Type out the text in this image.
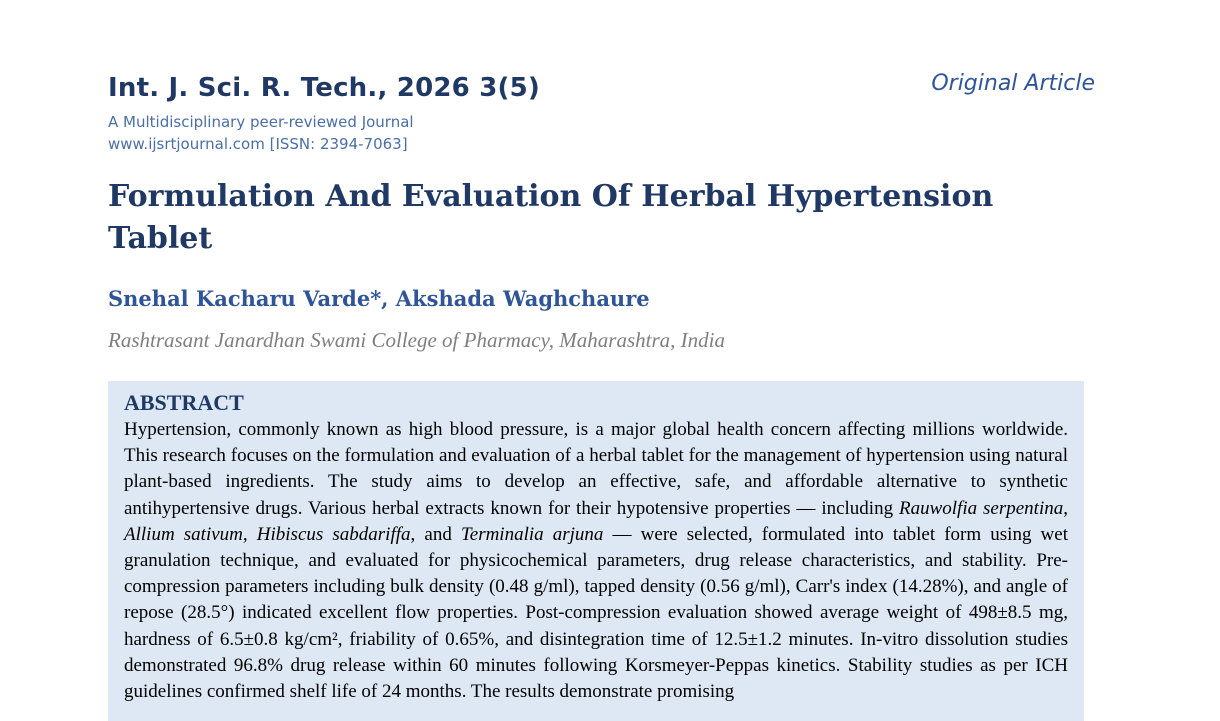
Int. J. Sci. R. Tech., 2026 3(5)
A Multidisciplinary peer-reviewed Journal
www.ijsrtjournal.com [ISSN: 2394-7063]
Original Article
Formulation And Evaluation Of Herbal Hypertension Tablet
Snehal Kacharu Varde*, Akshada Waghchaure
Rashtrasant Janardhan Swami College of Pharmacy, Maharashtra, India
ABSTRACT

Hypertension, commonly known as high blood pressure, is a major global health concern affecting millions worldwide. This research focuses on the formulation and evaluation of a herbal tablet for the management of hypertension using natural plant-based ingredients. The study aims to develop an effective, safe, and affordable alternative to synthetic antihypertensive drugs. Various herbal extracts known for their hypotensive properties — including Rauwolfia serpentina, Allium sativum, Hibiscus sabdariffa, and Terminalia arjuna — were selected, formulated into tablet form using wet granulation technique, and evaluated for physicochemical parameters, drug release characteristics, and stability. Pre-compression parameters including bulk density (0.48 g/ml), tapped density (0.56 g/ml), Carr's index (14.28%), and angle of repose (28.5°) indicated excellent flow properties. Post-compression evaluation showed average weight of 498±8.5 mg, hardness of 6.5±0.8 kg/cm², friability of 0.65%, and disintegration time of 12.5±1.2 minutes. In-vitro dissolution studies demonstrated 96.8% drug release within 60 minutes following Korsmeyer-Peppas kinetics. Stability studies as per ICH guidelines confirmed shelf life of 24 months. The results demonstrate promising
